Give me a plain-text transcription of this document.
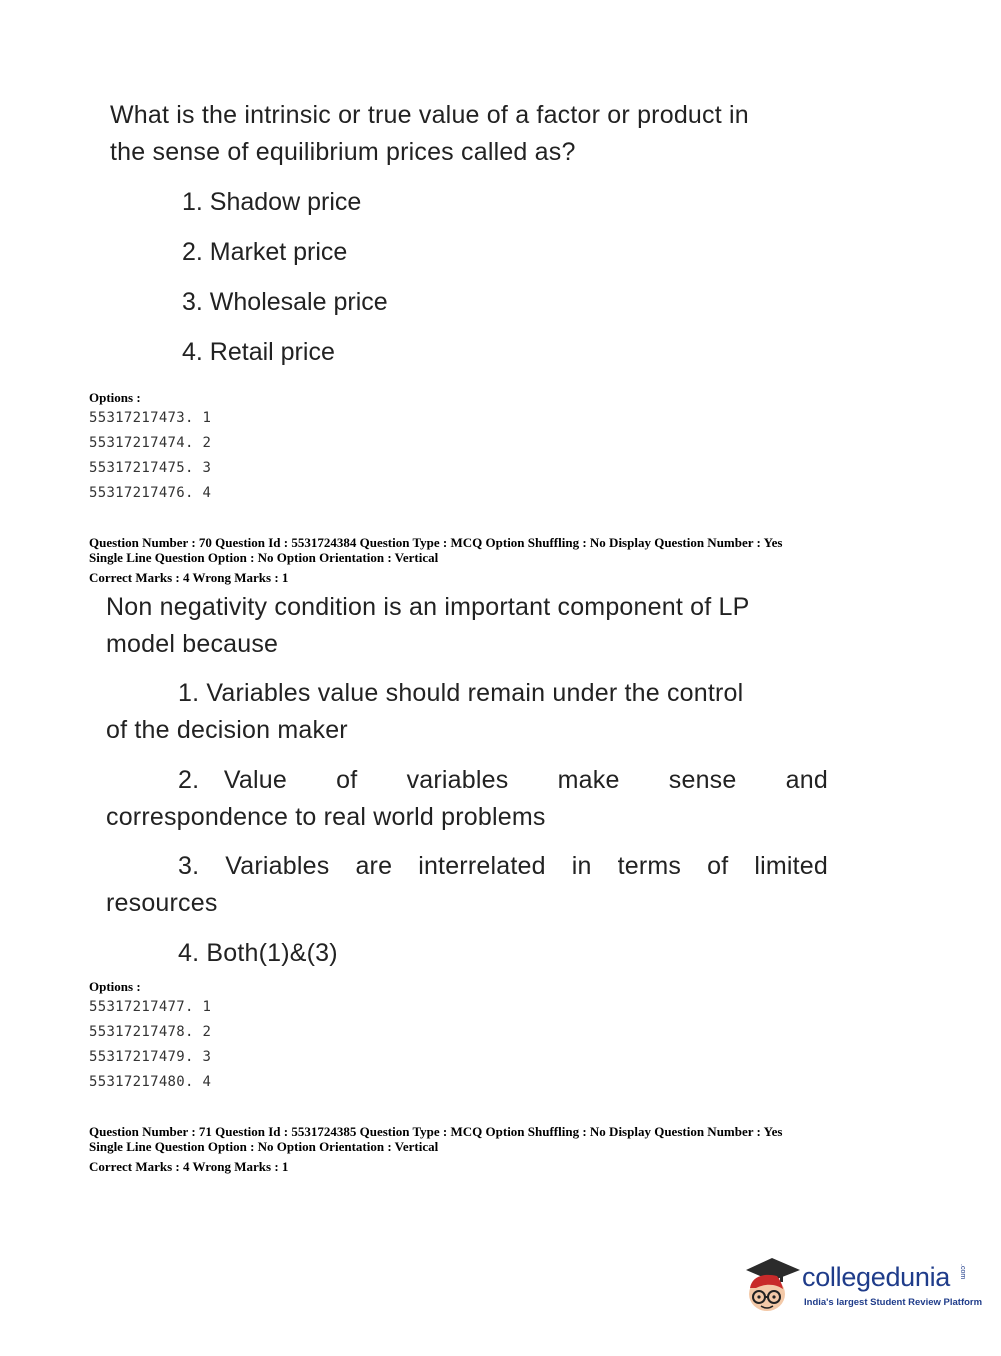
What is the intrinsic or true value of a factor or product in
the sense of equilibrium prices called as?
1. Shadow price
2. Market price
3. Wholesale price
4. Retail price
Options :
55317217473. 1
55317217474. 2
55317217475. 3
55317217476. 4
Question Number : 70 Question Id : 5531724384 Question Type : MCQ Option Shuffling : No Display Question Number : Yes
Single Line Question Option : No Option Orientation : Vertical
Correct Marks : 4 Wrong Marks : 1
Non negativity condition is an important component of LP
model because
1. Variables value should remain under the control
of the decision maker
2.  Value    of    variables    make    sense    and
correspondence to real world problems
3.  Variables  are  interrelated  in  terms  of  limited
resources
4. Both(1)&(3)
Options :
55317217477. 1
55317217478. 2
55317217479. 3
55317217480. 4
Question Number : 71 Question Id : 5531724385 Question Type : MCQ Option Shuffling : No Display Question Number : Yes
Single Line Question Option : No Option Orientation : Vertical
Correct Marks : 4 Wrong Marks : 1
collegedunia .com
India's largest Student Review Platform
